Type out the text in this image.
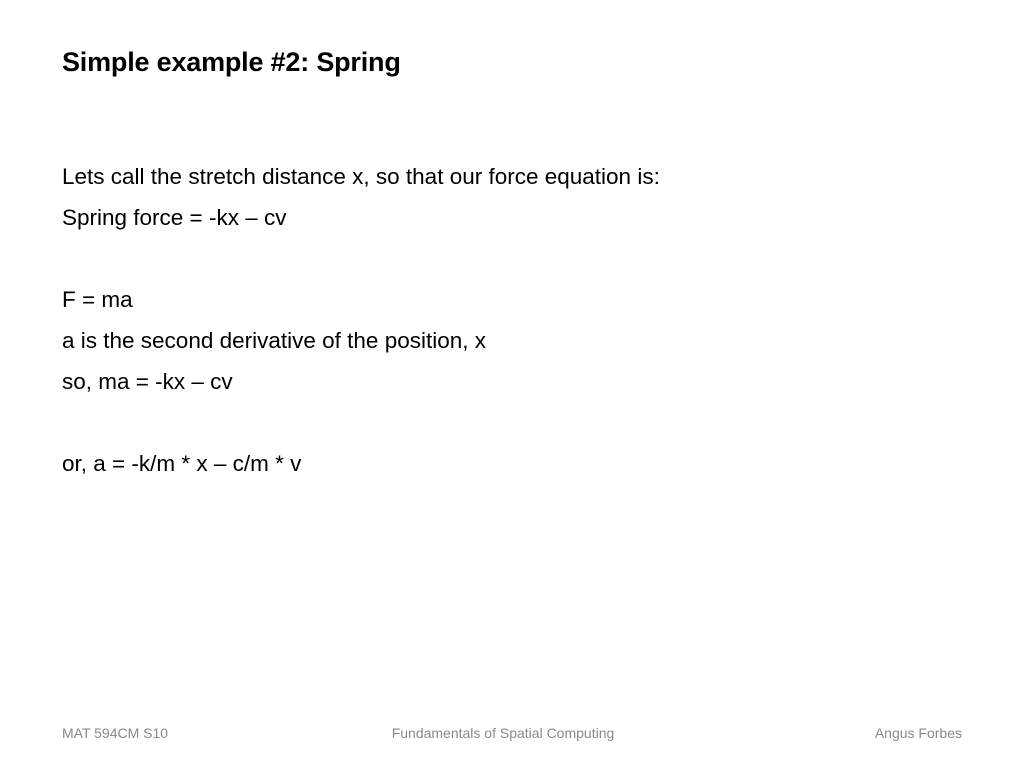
Simple example #2: Spring
Lets call the stretch distance x, so that our force equation is:
Spring force = -kx – cv
F = ma
a is the second derivative of the position, x
so, ma = -kx – cv
or, a = -k/m * x – c/m * v
MAT 594CM S10	Fundamentals of Spatial Computing	Angus Forbes
